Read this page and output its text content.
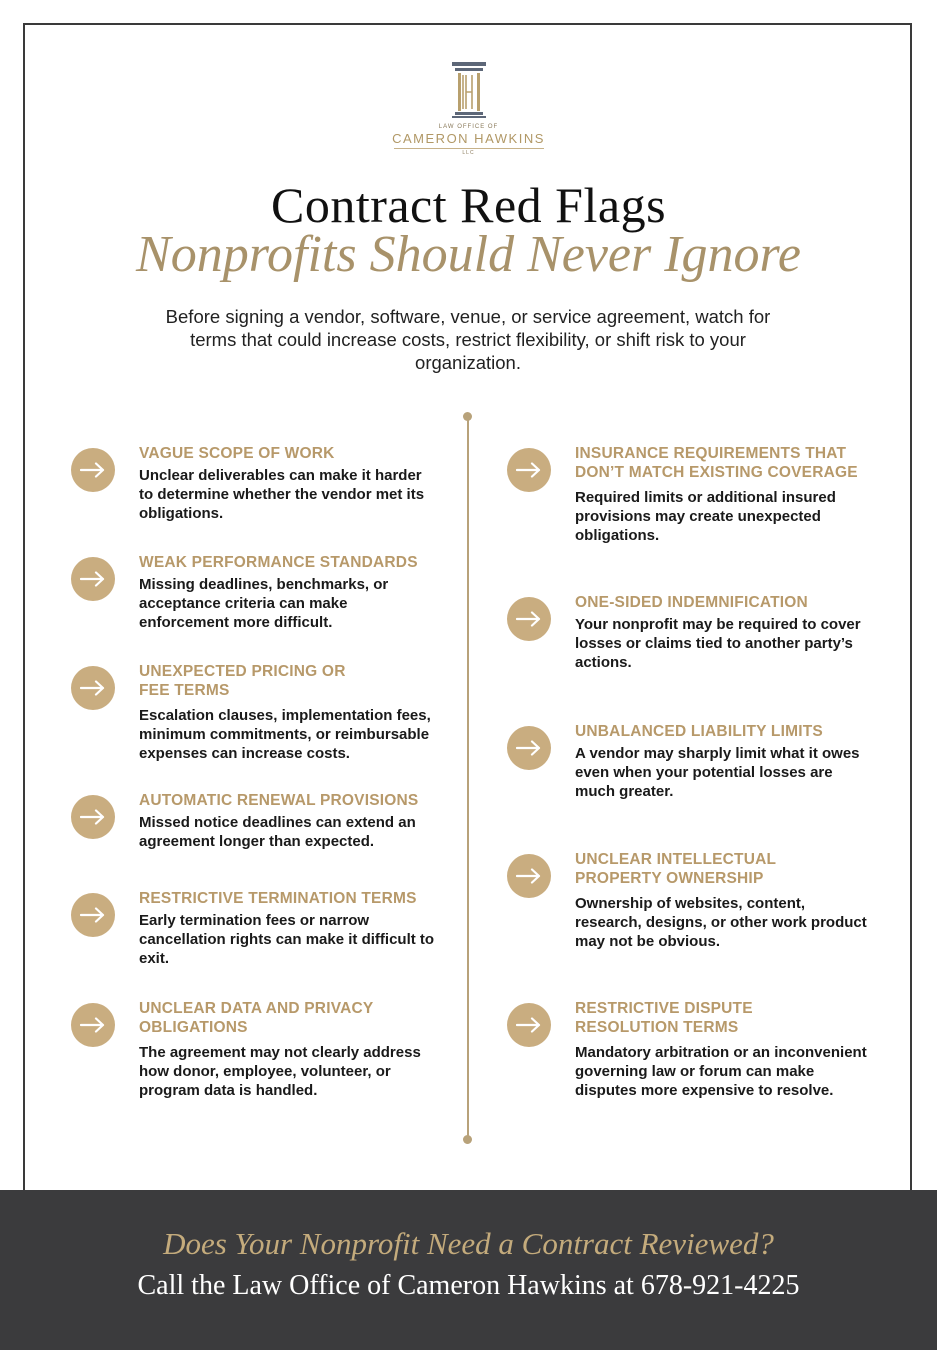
LAW OFFICE OF
CAMERON HAWKINS
LLC
Contract Red Flags
Nonprofits Should Never Ignore
Before signing a vendor, software, venue, or service agreement, watch for terms that could increase costs, restrict flexibility, or shift risk to your organization.
VAGUE SCOPE OF WORK
Unclear deliverables can make it harder to determine whether the vendor met its obligations.
WEAK PERFORMANCE STANDARDS
Missing deadlines, benchmarks, or acceptance criteria can make enforcement more difficult.
UNEXPECTED PRICING OR FEE TERMS
Escalation clauses, implementation fees, minimum commitments, or reimbursable expenses can increase costs.
AUTOMATIC RENEWAL PROVISIONS
Missed notice deadlines can extend an agreement longer than expected.
RESTRICTIVE TERMINATION TERMS
Early termination fees or narrow cancellation rights can make it difficult to exit.
UNCLEAR DATA AND PRIVACY OBLIGATIONS
The agreement may not clearly address how donor, employee, volunteer, or program data is handled.
INSURANCE REQUIREMENTS THAT DON’T MATCH EXISTING COVERAGE
Required limits or additional insured provisions may create unexpected obligations.
ONE-SIDED INDEMNIFICATION
Your nonprofit may be required to cover losses or claims tied to another party’s actions.
UNBALANCED LIABILITY LIMITS
A vendor may sharply limit what it owes even when your potential losses are much greater.
UNCLEAR INTELLECTUAL PROPERTY OWNERSHIP
Ownership of websites, content, research, designs, or other work product may not be obvious.
RESTRICTIVE DISPUTE RESOLUTION TERMS
Mandatory arbitration or an inconvenient governing law or forum can make disputes more expensive to resolve.
Does Your Nonprofit Need a Contract Reviewed?
Call the Law Office of Cameron Hawkins at 678-921-4225
